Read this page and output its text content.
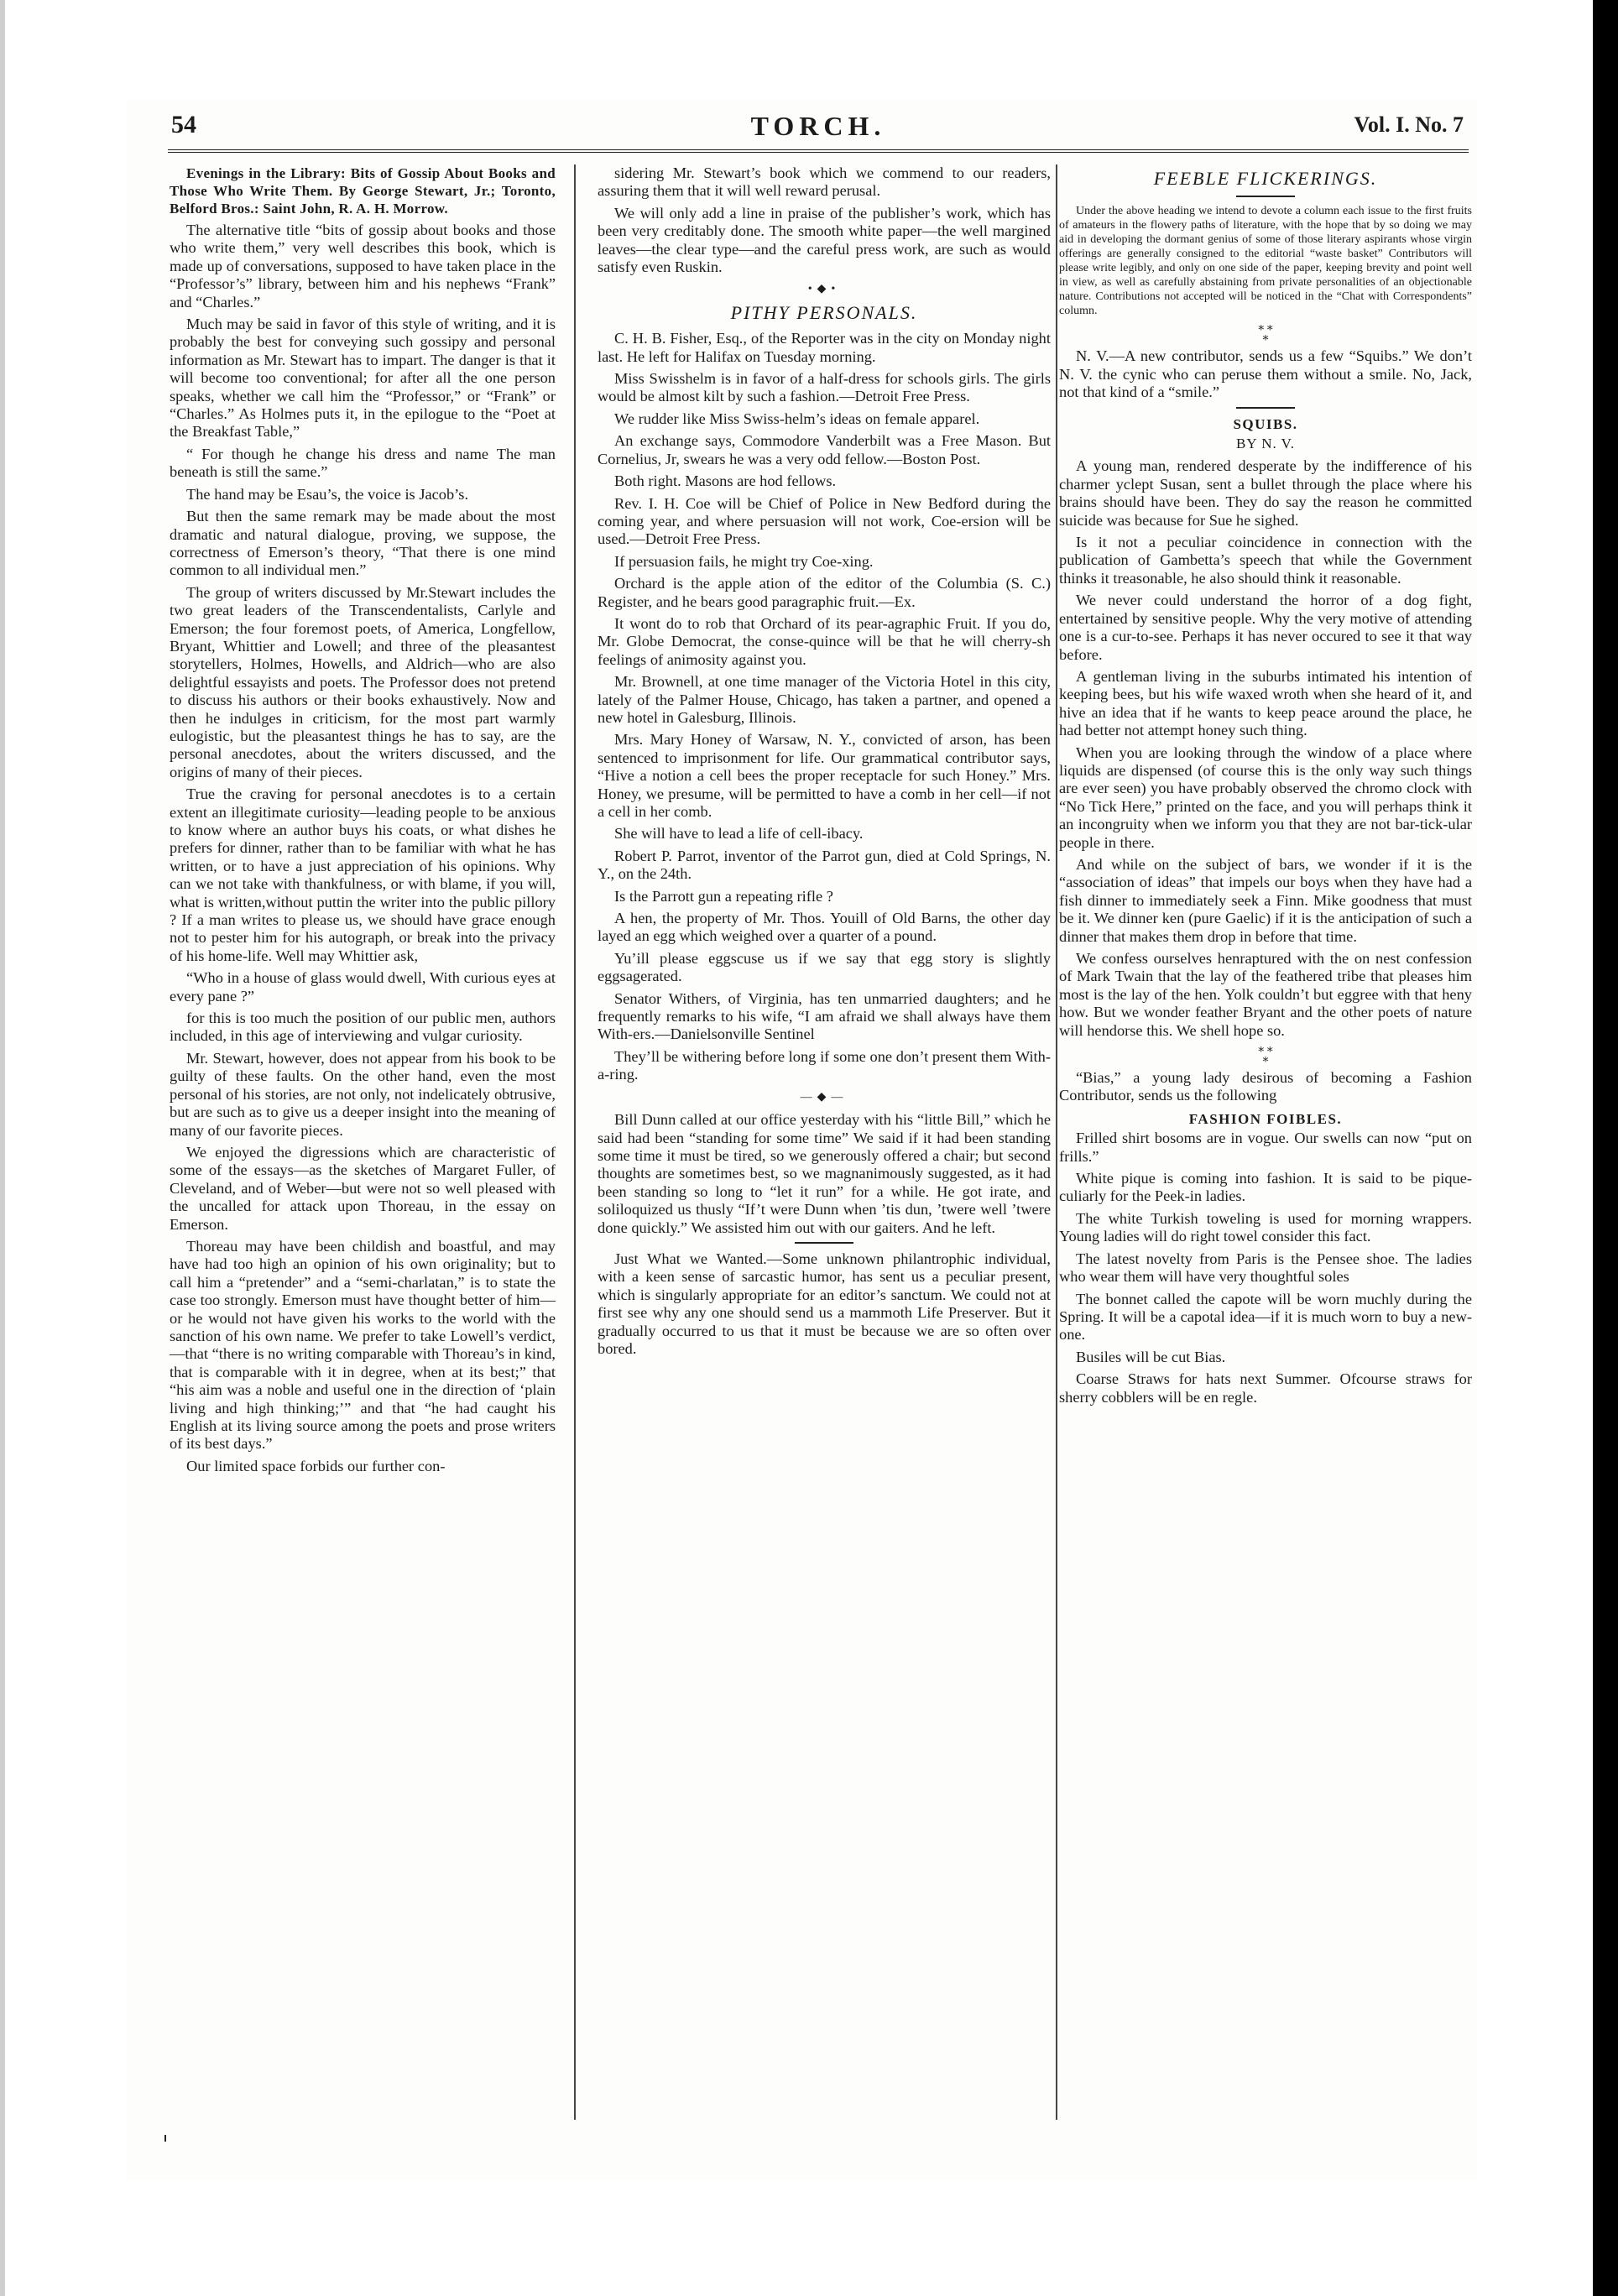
54	TORCH.	Vol. I. No. 7

Evenings in the Library: Bits of Gossip About Books and Those Who Write Them. By George Stewart, Jr.; Toronto, Belford Bros.: Saint John, R. A. H. Morrow.

The alternative title “bits of gossip about books and those who write them,” very well describes this book, which is made up of conversations, supposed to have taken place in the “Professor’s” library, between him and his nephews “Frank” and “Charles.”

Much may be said in favor of this style of writing, and it is probably the best for conveying such gossipy and personal information as Mr. Stewart has to impart. The danger is that it will become too conventional; for after all the one person speaks, whether we call him the “Professor,” or “Frank” or “Charles.” As Holmes puts it, in the epilogue to the “Poet at the Breakfast Table,”

“ For though he change his dress and name The man beneath is still the same.”

The hand may be Esau’s, the voice is Jacob’s.

But then the same remark may be made about the most dramatic and natural dialogue, proving, we suppose, the correctness of Emerson’s theory, “That there is one mind common to all individual men.”

The group of writers discussed by Mr.Stewart includes the two great leaders of the Transcendentalists, Carlyle and Emerson; the four foremost poets, of America, Longfellow, Bryant, Whittier and Lowell; and three of the pleasantest storytellers, Holmes, Howells, and Aldrich—who are also delightful essayists and poets. The Professor does not pretend to discuss his authors or their books exhaustively. Now and then he indulges in criticism, for the most part warmly eulogistic, but the pleasantest things he has to say, are the personal anecdotes, about the writers discussed, and the origins of many of their pieces.

True the craving for personal anecdotes is to a certain extent an illegitimate curiosity—leading people to be anxious to know where an author buys his coats, or what dishes he prefers for dinner, rather than to be familiar with what he has written, or to have a just appreciation of his opinions. Why can we not take with thankfulness, or with blame, if you will, what is written,without puttin the writer into the public pillory ? If a man writes to please us, we should have grace enough not to pester him for his autograph, or break into the privacy of his home-life. Well may Whittier ask,

“Who in a house of glass would dwell, With curious eyes at every pane ?”

for this is too much the position of our public men, authors included, in this age of interviewing and vulgar curiosity.

Mr. Stewart, however, does not appear from his book to be guilty of these faults. On the other hand, even the most personal of his stories, are not only, not indelicately obtrusive, but are such as to give us a deeper insight into the meaning of many of our favorite pieces.

We enjoyed the digressions which are characteristic of some of the essays—as the sketches of Margaret Fuller, of Cleveland, and of Weber—but were not so well pleased with the uncalled for attack upon Thoreau, in the essay on Emerson.

Thoreau may have been childish and boastful, and may have had too high an opinion of his own originality; but to call him a “pretender” and a “semi-charlatan,” is to state the case too strongly. Emerson must have thought better of him—or he would not have given his works to the world with the sanction of his own name. We prefer to take Lowell’s verdict,—that “there is no writing comparable with Thoreau’s in kind, that is comparable with it in degree, when at its best;” that “his aim was a noble and useful one in the direction of ‘plain living and high thinking;’” and that “he had caught his English at its living source among the poets and prose writers of its best days.”

Our limited space forbids our further con-

sidering Mr. Stewart’s book which we commend to our readers, assuring them that it will well reward perusal.

We will only add a line in praise of the publisher’s work, which has been very creditably done. The smooth white paper—the well margined leaves—the clear type—and the careful press work, are such as would satisfy even Ruskin.

•◆•
PITHY PERSONALS.

C. H. B. Fisher, Esq., of the Reporter was in the city on Monday night last. He left for Halifax on Tuesday morning.

Miss Swisshelm is in favor of a half-dress for schools girls. The girls would be almost kilt by such a fashion.—Detroit Free Press.

We rudder like Miss Swiss-helm’s ideas on female apparel.

An exchange says, Commodore Vanderbilt was a Free Mason. But Cornelius, Jr, swears he was a very odd fellow.—Boston Post.

Both right. Masons are hod fellows.

Rev. I. H. Coe will be Chief of Police in New Bedford during the coming year, and where persuasion will not work, Coe-ersion will be used.—Detroit Free Press.

If persuasion fails, he might try Coe-xing.

Orchard is the apple ation of the editor of the Columbia (S. C.) Register, and he bears good paragraphic fruit.—Ex.

It wont do to rob that Orchard of its pear-agraphic Fruit. If you do, Mr. Globe Democrat, the conse-quince will be that he will cherry-sh feelings of animosity against you.

Mr. Brownell, at one time manager of the Victoria Hotel in this city, lately of the Palmer House, Chicago, has taken a partner, and opened a new hotel in Galesburg, Illinois.

Mrs. Mary Honey of Warsaw, N. Y., convicted of arson, has been sentenced to imprisonment for life. Our grammatical contributor says, “Hive a notion a cell bees the proper receptacle for such Honey.” Mrs. Honey, we presume, will be permitted to have a comb in her cell—if not a cell in her comb.

She will have to lead a life of cell-ibacy.

Robert P. Parrot, inventor of the Parrot gun, died at Cold Springs, N. Y., on the 24th.

Is the Parrott gun a repeating rifle ?

A hen, the property of Mr. Thos. Youill of Old Barns, the other day layed an egg which weighed over a quarter of a pound.

Yu’ill please eggscuse us if we say that egg story is slightly eggsagerated.

Senator Withers, of Virginia, has ten unmarried daughters; and he frequently remarks to his wife, “I am afraid we shall always have them With-ers.—Danielsonville Sentinel

They’ll be withering before long if some one don’t present them With-a-ring.

—◆—

Bill Dunn called at our office yesterday with his “little Bill,” which he said had been “standing for some time” We said if it had been standing some time it must be tired, so we generously offered a chair; but second thoughts are sometimes best, so we magnanimously suggested, as it had been standing so long to “let it run” for a while. He got irate, and soliloquized us thusly “If’t were Dunn when ’tis dun, ’twere well ’twere done quickly.” We assisted him out with our gaiters. And he left.

Just What we Wanted.—Some unknown philantrophic individual, with a keen sense of sarcastic humor, has sent us a peculiar present, which is singularly appropriate for an editor’s sanctum. We could not at first see why any one should send us a mammoth Life Preserver. But it gradually occurred to us that it must be because we are so often over bored.

FEEBLE FLICKERINGS.

Under the above heading we intend to devote a column each issue to the first fruits of amateurs in the flowery paths of literature, with the hope that by so doing we may aid in developing the dormant genius of some of those literary aspirants whose virgin offerings are generally consigned to the editorial “waste basket” Contributors will please write legibly, and only on one side of the paper, keeping brevity and point well in view, as well as carefully abstaining from private personalities of an objectionable nature. Contributions not accepted will be noticed in the “Chat with Correspondents” column.

⁎ ⁎
⁎

N. V.—A new contributor, sends us a few “Squibs.” We don’t N. V. the cynic who can peruse them without a smile. No, Jack, not that kind of a “smile.”

SQUIBS.
BY N. V.

A young man, rendered desperate by the indifference of his charmer yclept Susan, sent a bullet through the place where his brains should have been. They do say the reason he committed suicide was because for Sue he sighed.

Is it not a peculiar coincidence in connection with the publication of Gambetta’s speech that while the Government thinks it treasonable, he also should think it reasonable.

We never could understand the horror of a dog fight, entertained by sensitive people. Why the very motive of attending one is a cur-to-see. Perhaps it has never occured to see it that way before.

A gentleman living in the suburbs intimated his intention of keeping bees, but his wife waxed wroth when she heard of it, and hive an idea that if he wants to keep peace around the place, he had better not attempt honey such thing.

When you are looking through the window of a place where liquids are dispensed (of course this is the only way such things are ever seen) you have probably observed the chromo clock with “No Tick Here,” printed on the face, and you will perhaps think it an incongruity when we inform you that they are not bar-tick-ular people in there.

And while on the subject of bars, we wonder if it is the “association of ideas” that impels our boys when they have had a fish dinner to immediately seek a Finn. Mike goodness that must be it. We dinner ken (pure Gaelic) if it is the anticipation of such a dinner that makes them drop in before that time.

We confess ourselves henraptured with the on nest confession of Mark Twain that the lay of the feathered tribe that pleases him most is the lay of the hen. Yolk couldn’t but eggree with that heny how. But we wonder feather Bryant and the other poets of nature will hendorse this. We shell hope so.

⁎ ⁎
⁎

“Bias,” a young lady desirous of becoming a Fashion Contributor, sends us the following

FASHION FOIBLES.

Frilled shirt bosoms are in vogue. Our swells can now “put on frills.”

White pique is coming into fashion. It is said to be pique-culiarly for the Peek-in ladies.

The white Turkish toweling is used for morning wrappers. Young ladies will do right towel consider this fact.

The latest novelty from Paris is the Pensee shoe. The ladies who wear them will have very thoughtful soles

The bonnet called the capote will be worn muchly during the Spring. It will be a capotal idea—if it is much worn to buy a new-one.

Busiles will be cut Bias.

Coarse Straws for hats next Summer. Ofcourse straws for sherry cobblers will be en regle.
